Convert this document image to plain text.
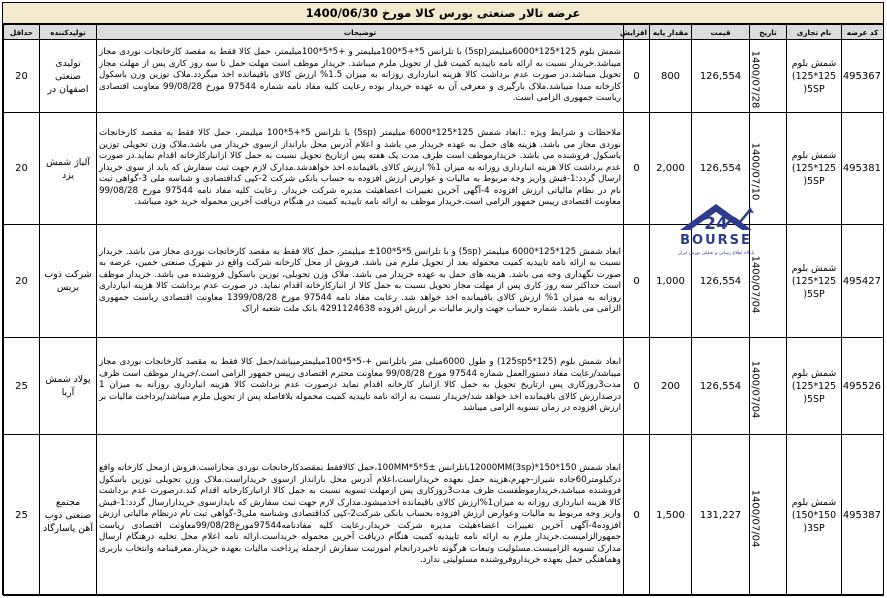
عرضه تالار صنعتی بورس کالا مورخ 1400/06/30
کد عرضه	نام تجاری	تاریخ	قیمت	مقدار پایه	افزایش	توضیحات	تولیدکننده	حداقل
495367	شمش بلوم 125*125) 5SP(	1400/07/28	126,554	800	0	شمش بلوم 125*125*6000میلیمتر(5sp) با تلرانس 5*+5*100میلیمتر و +5*5*100میلیمتر، حمل کالا فقط به مقصد کارخانجات نوردی مجاز میباشد.خریدار نسبت به ارائه نامه تاییدیه کمیت قبل از تحویل ملزم میباشد. خریدار موظف است مهلت حمل تا سه روز کاری پس از مهلت مجاز تحویل میباشد.در صورت عدم برداشت کالا هزینه انبارداری روزانه به میزان 1.5% ارزش کالای باقیمانده اخذ میگردد.ملاک توزین وزن باسکول کارخانه مبدا میباشد.ملاک بارگیری و معرفی آن به عهده خریدار بوده رعایت کلیه مفاد نامه شماره 97544 مورخ 99/08/28 معاونت اقتصادی ریاست جمهوری الزامی است.	تولیدی صنعتی اصفهان در	20
495381	شمش بلوم 125*125) 5SP(	1400/07/10	126,554	2,000	0	ملاحظات و شرایط ویژه :.ابعاد شمش 125*125*6000 میلیمتر (5sp) با تلرانس 5*+5*100 میلیمتر، حمل کالا فقط به مقصد کارخانجات نوردی مجاز می باشد. هزینه های حمل به عهده خریدار می باشد و اعلام آدرس محل بارانداز ازسوی خریدار می باشد.ملاک وزن تحویلی توزین باسکول فروشنده می باشد. خریدارموظف است ظرف مدت یک هفته پس ازتاریخ تحویل نسبت به حمل کالا ازانبارکارخانه اقدام نماید.در صورت عدم برداشت کالا هزینه انبارداری روزانه به میزان 1% ارزش کالای باقیمانده اخذ خواهدشد.مدارک لازم جهت ثبت سفارش که باید از سوی خریدار ارسال گردد:1-فیش واریز وجه مربوط به مالیات و عوارض ارزش افزوده به حساب بانکی شرکت 2-کپی کدافتصادی و شناسه ملی 3-گواهی ثبت نام در نظام مالیاتی ارزش افزوده 4-آگهی آخرین تغییرات اعضاهیئت مدیره شرکت خریدار. رعایت کلیه مفاد نامه 97544 مورخ 99/08/28 معاونت اقتصادی رییس جمهور الزامی است.خریدار موظف به ارائه نامه تاییدیه کمیت در هنگام دریافت آخرین محموله خرید خود میباشد.	آلیاژ شمش یزد	20
495427	شمش بلوم 125*125) 5SP(	1400/07/04	126,554	1,000	0	ابعاد شمش 125*125*6000 میلیمتر (5sp) و با تلرانس 5*5*100± میلیمتر. حمل کالا فقط به مقصد کارخانجات نوردی مجاز می باشد. خریدار نسبت به ارائه نامه تاییدیه کمیت محموله بعد از تحویل ملزم می باشد. فروش از محل کارخانه شرکت واقع در شهرک صنعتی خمین، عرضه به صورت نگهداری وجه می باشد. هزینه های حمل به عهده خریدار می باشد. ملاک وزن تحویلی، توزین باسکول فروشنده می باشد. خریدار موظف است حداکثر سه روز کاری پس از مهلت مجاز تحویل نسبت به حمل کالا از انبارکارخانه اقدام نماید. در صورت عدم برداشت کالا هزینه انبارداری روزانه به میزان 1% ارزش کالای باقیمانده اخذ خواهد شد. رعایت مفاد نامه 97544 مورخ 1399/08/28 معاونت اقتصادی ریاست جمهوری الزامی می باشد. شماره حساب جهت واریز مالیات بر ارزش افزوده 4291124638 بانک ملت شعبه اراک	شرکت ذوب بریس	20
495526	شمش بلوم 125*125) 5SP(	1400/07/04	126,554	200	0	ابعاد شمش بلوم (125*125sp5) و طول 6000میلی متر باتلرانس +-5*5*100میلیمترمیباشد/حمل کالا فقط به مقصد کارخانجات نوردی مجاز میباشد/رعایت مفاد دستورالعمل شماره 97544 مورخ 99/08/28 معاونت محترم اقتصادی رییس جمهور الزامی است./خریدار موظف است ظرف مدت3روزکاری پس ازتاریخ تحویل به حمل کالا ازانبار کارخانه اقدام نماید درصورت عدم برداشت کالا هزینه انبارداری روزانه به میزان 1 درصدارزش کالای باقیمانده اخذ خواهد شد/خریدار نسبت به ارائه نامه تاییدیه کمیت محموله بلافاصله پس از تحویل ملزم میباشد/پرداخت مالیات بر ارزش افزوده در زمان تسویه الزامی میباشد	پولاد شمش آریا	25
495387	شمش بلوم 150*150) 3SP(	1400/07/04	131,227	1,500	0	ابعاد شمش 150*150*12000MM(3sp)باتلرانس ±5*5*100MM،حمل کالافقط بمقصدکارخانجات نوردی مجازاست.فروش ازمحل کارخانه واقع درکیلومتر60جاده شیراز-جهرم،هزینه حمل بعهده خریداراست،اعلام آدرس محل بارانداز ازسوی خریداراست.ملاک وزن تحویلی توزین باسکول فروشنده میباشد،خریدارموظفست ظرف مدت3روزکاری پس ازمهلت تسویه نسبت به حمل کالا ازانبارکارخانه اقدام کند.درصورت عدم برداشت کالا هزینه انبارداری روزانه به میزان1%ارزش کالای باقیمانده اخذمیشود.مدارک لازم جهت ثبت سفارش که بایدازسوی خریدارارسال گردد:1-فیش واریز وجه مربوط به مالیات وعوارض ارزش افزوده بحساب بانکی شرکت2-کپی کداقتصادی وشناسه ملی3-گواهی ثبت نام درنظام مالیاتی ارزش افزوده4-آگهی آخرین تغییرات اعضاءهیئت مدیره شرکت خریدار.رعایت کلیه مفادنامه97544مورخ99/08/28معاونت اقتصادی ریاست جمهورالزامیست.خریدار ملزم به ارائه نامه تاییدیه کمیت هنگام دریافت آخرین محموله خریداست.ارائه نامه اعلام محل تخلیه درهنگام ارسال مدارک تسویه الزامیست.مسئولیت وتبعات هرگونه تاخیردرانجام امورثبت سفارش ازجمله پرداخت مالیات بعهده خریدار.معرفینامه وانتخاب باربری وهماهنگی حمل بعهده خریداروفروشنده مسئولیتی ندارد.	مجتمع صنعتی ذوب آهن پاسارگاد	25
24
BOURSE
پایگاه اطلاع رسانی و تحلیلی بورس ایران
